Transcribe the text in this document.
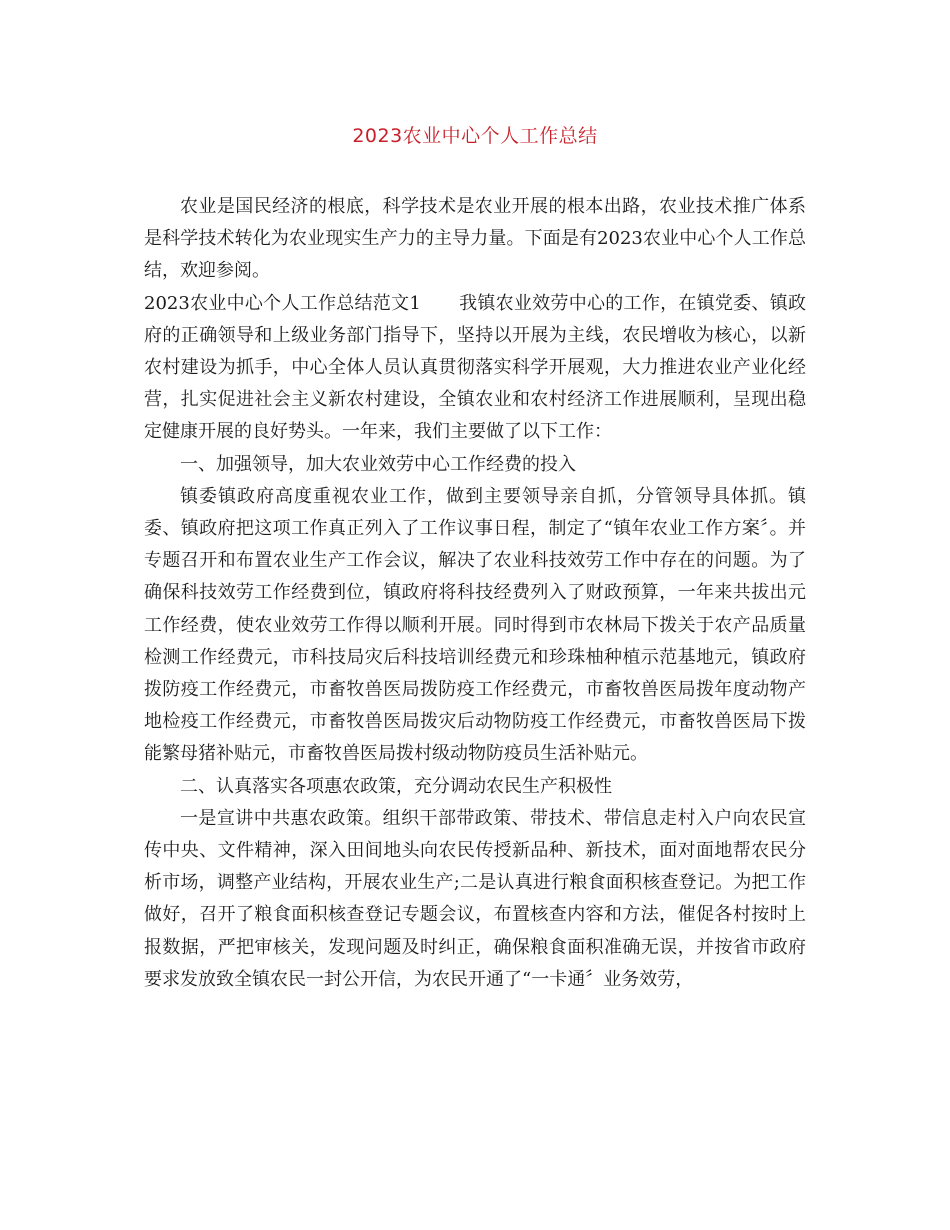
2023农业中心个人工作总结

农业是国民经济的根底，科学技术是农业开展的根本出路，农业技术推广体系是科学技术转化为农业现实生产力的主导力量。下面是有2023农业中心个人工作总结，欢迎参阅。

2023农业中心个人工作总结范文1 我镇农业效劳中心的工作，在镇党委、镇政府的正确领导和上级业务部门指导下，坚持以开展为主线，农民增收为核心，以新农村建设为抓手，中心全体人员认真贯彻落实科学开展观，大力推进农业产业化经营，扎实促进社会主义新农村建设，全镇农业和农村经济工作进展顺利，呈现出稳定健康开展的良好势头。一年来，我们主要做了以下工作：

一、加强领导，加大农业效劳中心工作经费的投入

镇委镇政府高度重视农业工作，做到主要领导亲自抓，分管领导具体抓。镇委、镇政府把这项工作真正列入了工作议事日程，制定了“镇年农业工作方案〞。并专题召开和布置农业生产工作会议，解决了农业科技效劳工作中存在的问题。为了确保科技效劳工作经费到位，镇政府将科技经费列入了财政预算，一年来共拔出元工作经费，使农业效劳工作得以顺利开展。同时得到市农林局下拨关于农产品质量检测工作经费元，市科技局灾后科技培训经费元和珍珠柚种植示范基地元，镇政府拨防疫工作经费元，市畜牧兽医局拨防疫工作经费元，市畜牧兽医局拨年度动物产地检疫工作经费元，市畜牧兽医局拨灾后动物防疫工作经费元，市畜牧兽医局下拨能繁母猪补贴元，市畜牧兽医局拨村级动物防疫员生活补贴元。

二、认真落实各项惠农政策，充分调动农民生产积极性

一是宣讲中共惠农政策。组织干部带政策、带技术、带信息走村入户向农民宣传中央、文件精神，深入田间地头向农民传授新品种、新技术，面对面地帮农民分析市场，调整产业结构，开展农业生产;二是认真进行粮食面积核查登记。为把工作做好，召开了粮食面积核查登记专题会议，布置核查内容和方法，催促各村按时上报数据，严把审核关，发现问题及时纠正，确保粮食面积准确无误，并按省市政府要求发放致全镇农民一封公开信，为农民开通了“一卡通〞业务效劳，
